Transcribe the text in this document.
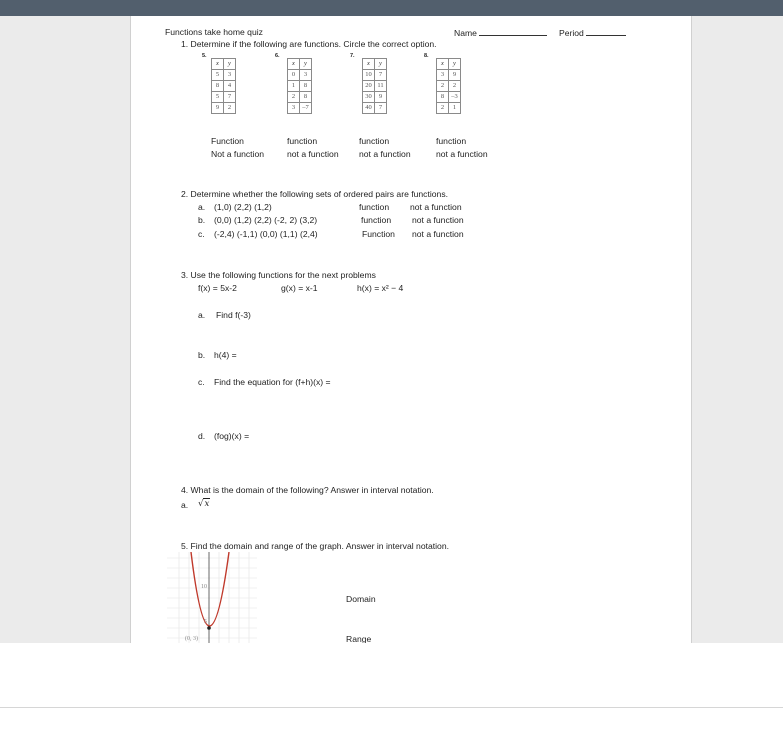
Functions take home quiz	Name	Period
1. Determine if the following are functions. Circle the correct option.
5.
x	y
5	3
8	4
5	7
9	2
6.
x	y
0	3
1	8
2	8
3	–7
7.
x	y
10	7
20	11
30	9
40	7
8.
x	y
3	9
2	2
8	–3
2	1
Function
Not a function
function
not a function
function
not a function
function
not a function
2. Determine whether the following sets of ordered pairs are functions.
a. (1,0) (2,2) (1,2)	function not a function
b. (0,0) (1,2) (2,2) (-2, 2) (3,2)	function not a function
c. (-2,4) (-1,1) (0,0) (1,1) (2,4)	Function not a function
3. Use the following functions for the next problems
f(x) = 5x-2	g(x) = x-1	h(x) = x² − 4
a. Find f(-3)
b. h(4) =
c. Find the equation for (f+h)(x) =
d. (fog)(x) =
4. What is the domain of the following? Answer in interval notation.
a. √x
5. Find the domain and range of the graph. Answer in interval notation.
10
5
(0, 3)
Domain
Range
